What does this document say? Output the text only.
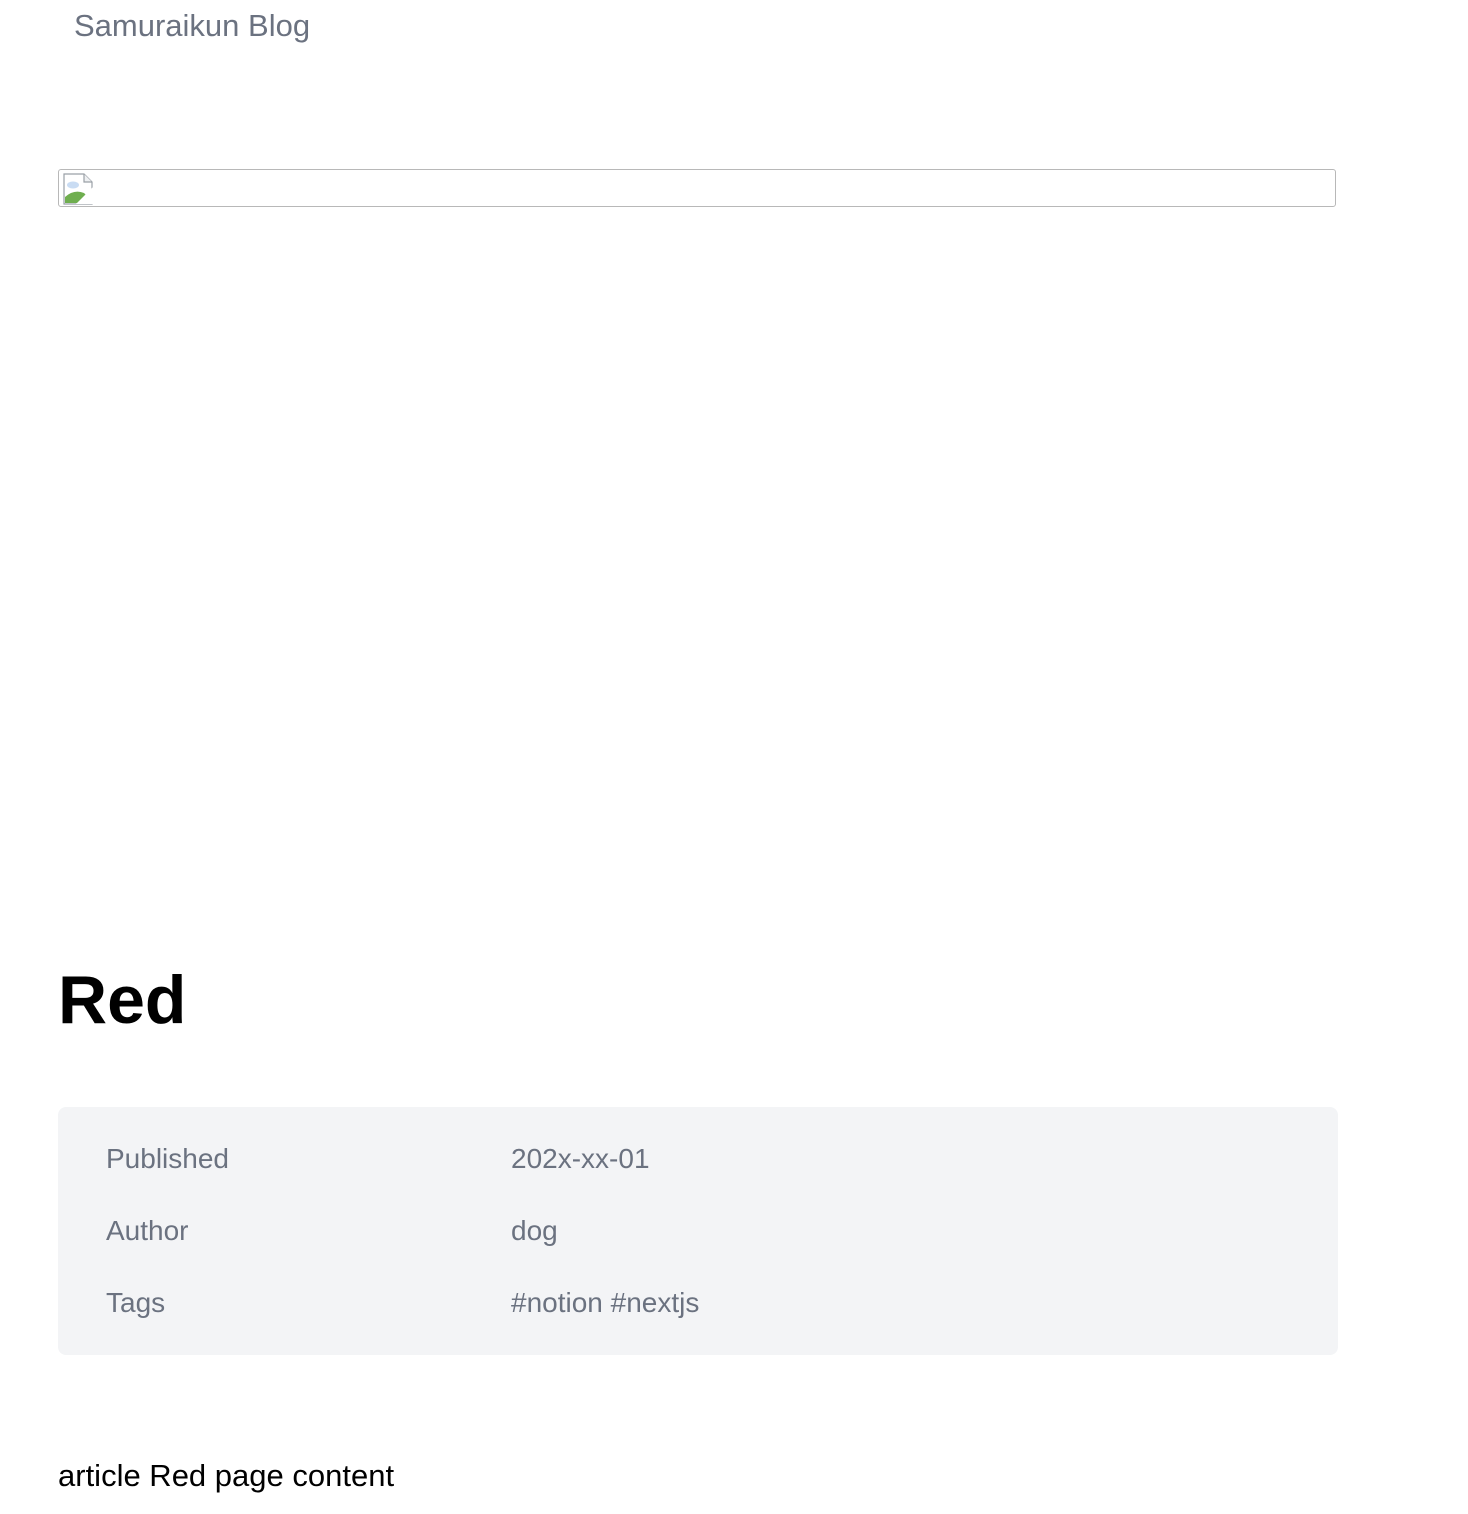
Samuraikun Blog
Red
Published	202x-xx-01
Author	dog
Tags	#notion #nextjs

article Red page content
